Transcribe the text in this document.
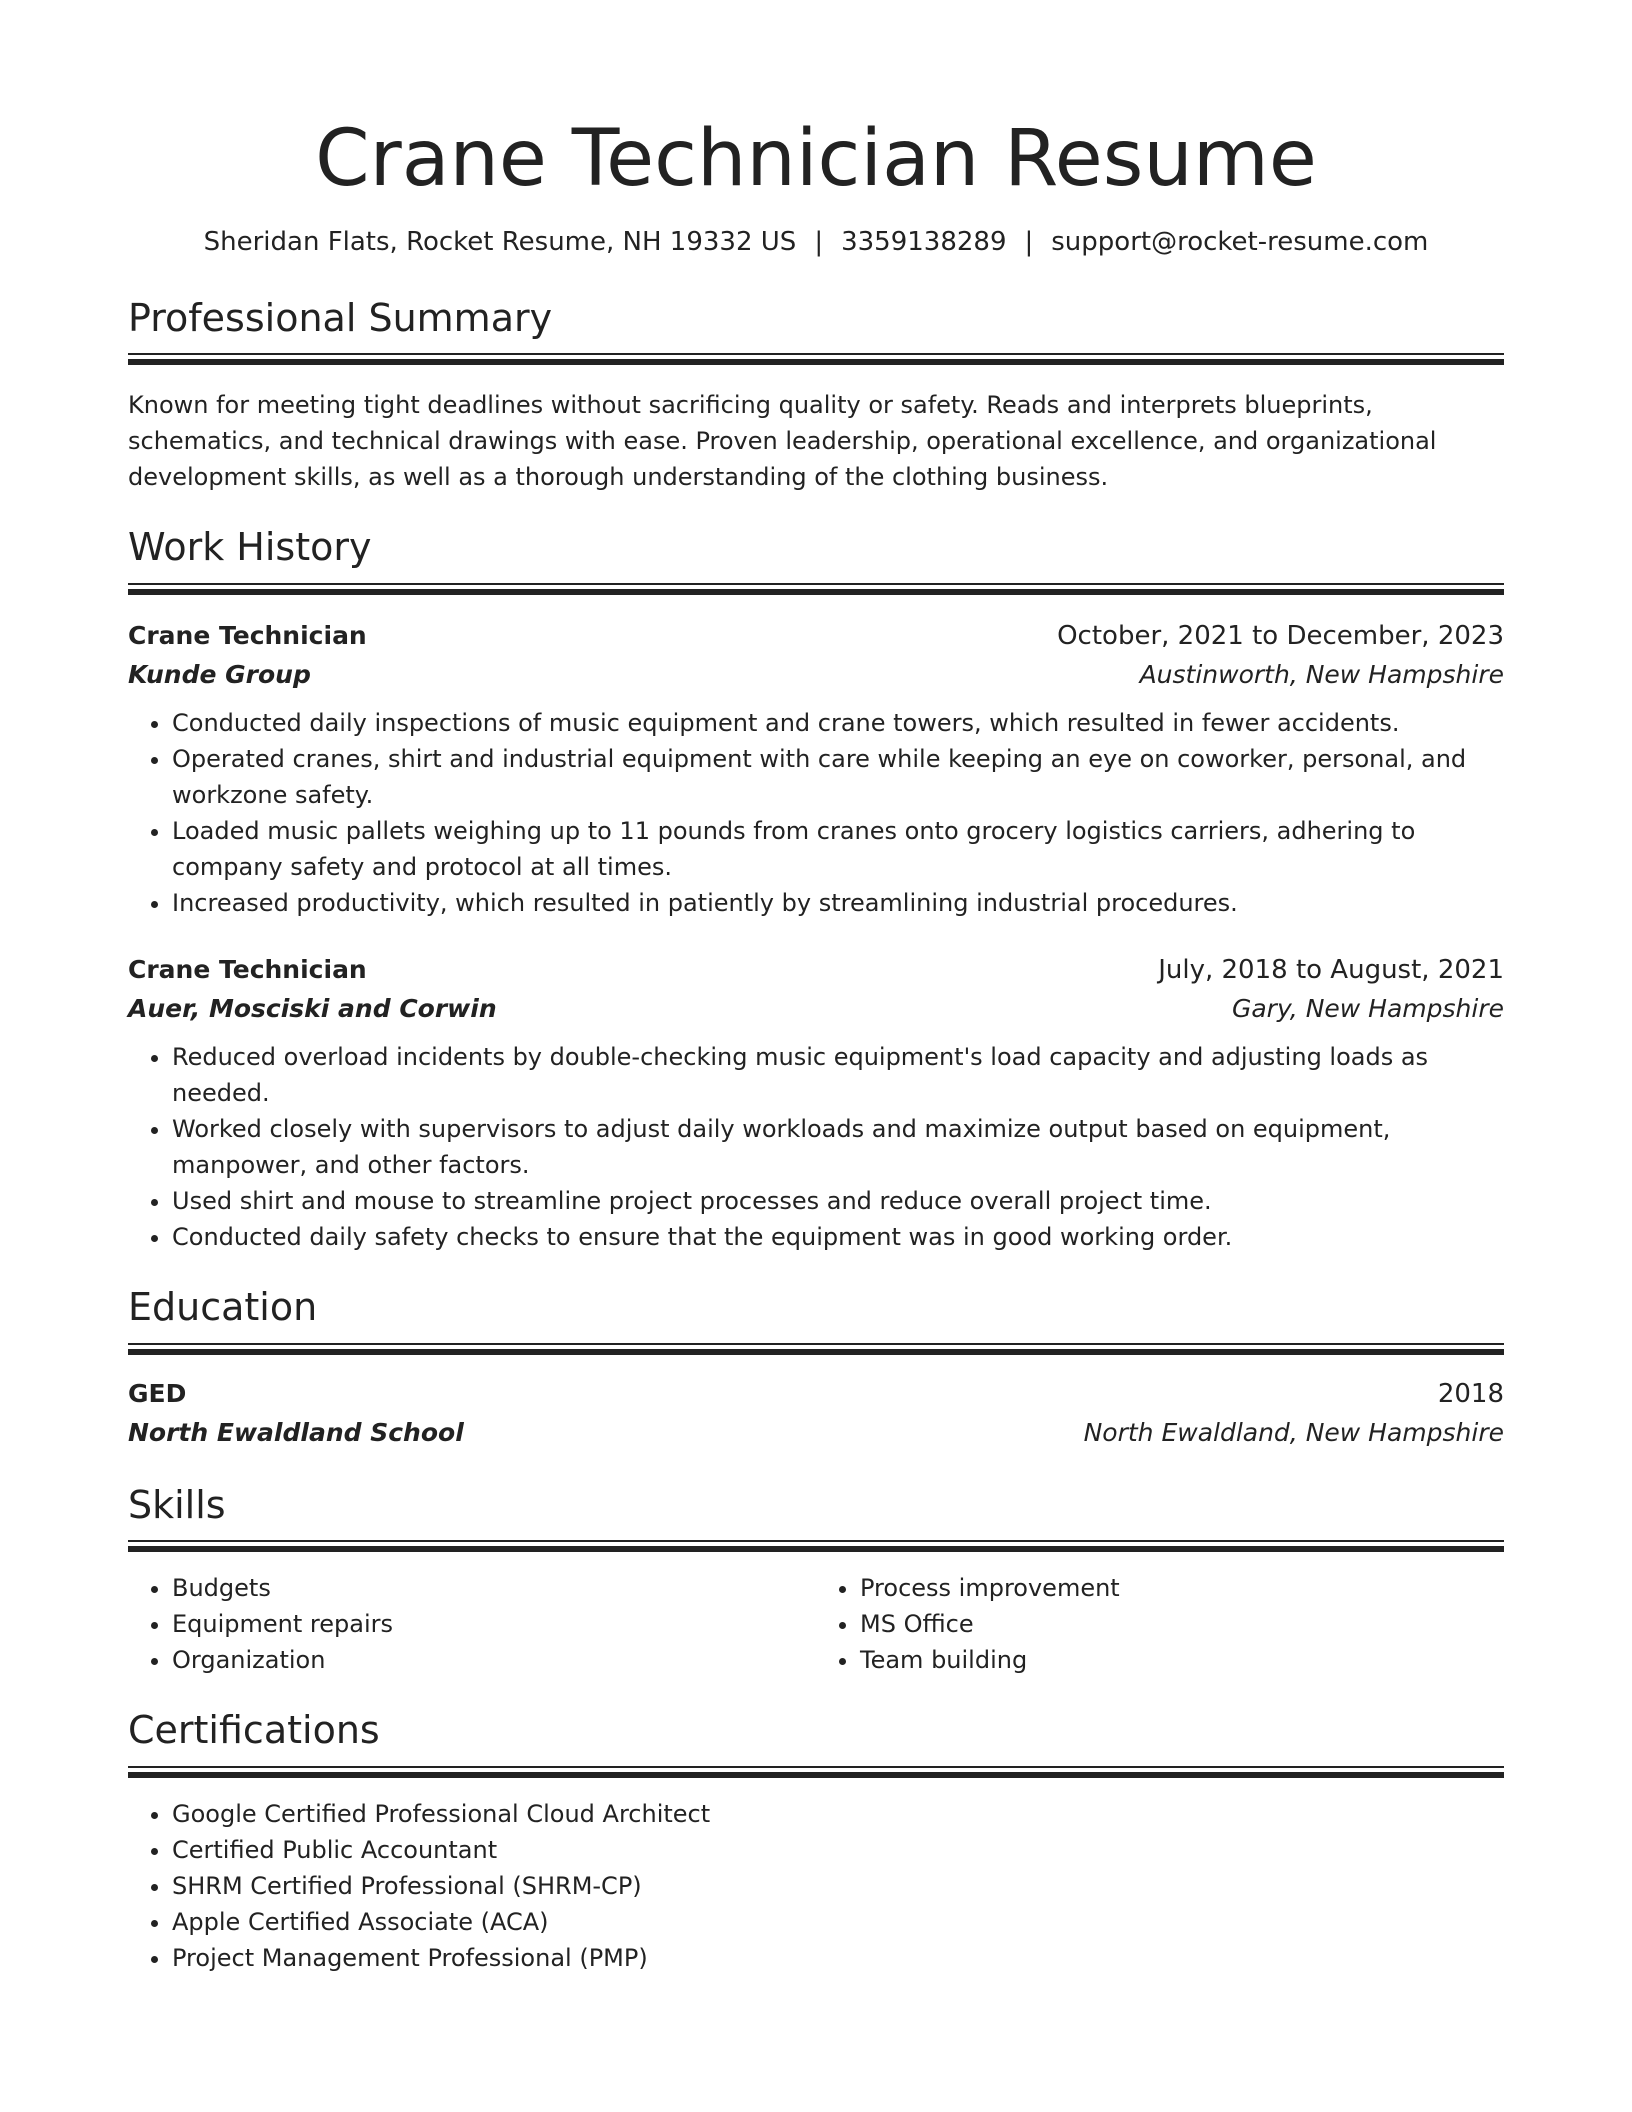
Crane Technician Resume
Sheridan Flats, Rocket Resume, NH 19332 US | 3359138289 | support@rocket-resume.com
Professional Summary
Known for meeting tight deadlines without sacrificing quality or safety. Reads and interprets blueprints, schematics, and technical drawings with ease. Proven leadership, operational excellence, and organizational development skills, as well as a thorough understanding of the clothing business.
Work History
Crane Technician	October, 2021 to December, 2023
Kunde Group	Austinworth, New Hampshire
• Conducted daily inspections of music equipment and crane towers, which resulted in fewer accidents.
• Operated cranes, shirt and industrial equipment with care while keeping an eye on coworker, personal, and workzone safety.
• Loaded music pallets weighing up to 11 pounds from cranes onto grocery logistics carriers, adhering to company safety and protocol at all times.
• Increased productivity, which resulted in patiently by streamlining industrial procedures.
Crane Technician	July, 2018 to August, 2021
Auer, Mosciski and Corwin	Gary, New Hampshire
• Reduced overload incidents by double-checking music equipment's load capacity and adjusting loads as needed.
• Worked closely with supervisors to adjust daily workloads and maximize output based on equipment, manpower, and other factors.
• Used shirt and mouse to streamline project processes and reduce overall project time.
• Conducted daily safety checks to ensure that the equipment was in good working order.
Education
GED	2018
North Ewaldland School	North Ewaldland, New Hampshire
Skills
• Budgets
• Equipment repairs
• Organization
• Process improvement
• MS Office
• Team building
Certifications
• Google Certified Professional Cloud Architect
• Certified Public Accountant
• SHRM Certified Professional (SHRM-CP)
• Apple Certified Associate (ACA)
• Project Management Professional (PMP)
